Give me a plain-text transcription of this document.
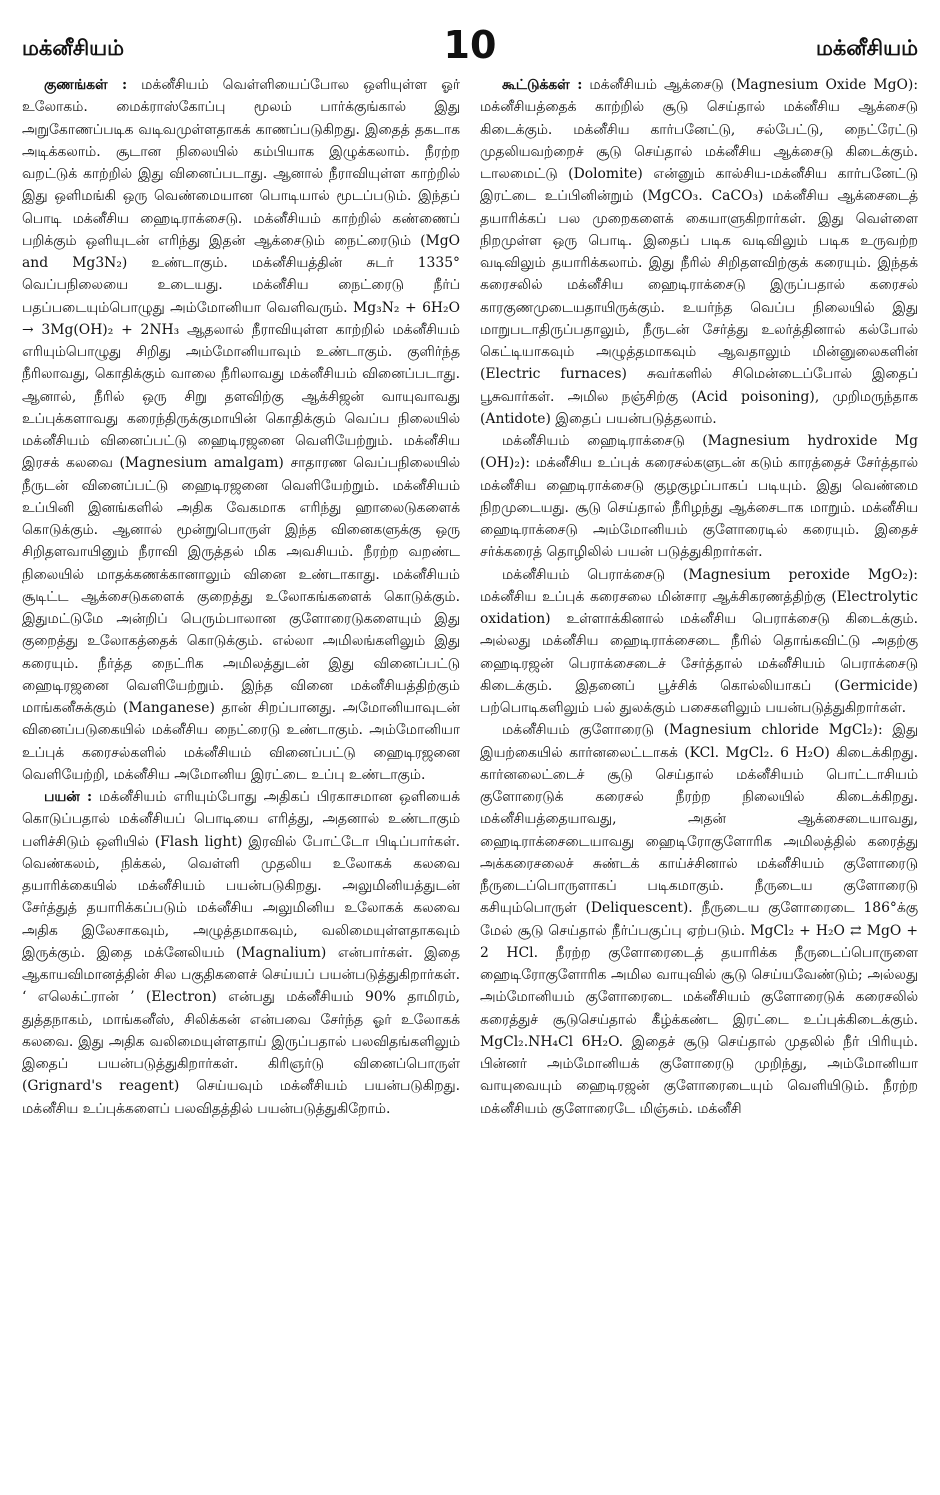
மக்னீசியம்	10	மக்னீசியம்

குணங்கள் : மக்னீசியம் வெள்ளியைப்போல ஒளியுள்ள ஓர் உலோகம். மைக்ராஸ்கோப்பு மூலம் பார்க்குங்கால் இது அறுகோணப்படிக வடிவமுள்ளதாகக் காணப்படுகிறது. இதைத் தகடாக அடிக்கலாம். சூடான நிலையில் கம்பியாக இழுக்கலாம். நீரற்ற வறட்டுக் காற்றில் இது வினைப்படாது. ஆனால் நீராவியுள்ள காற்றில் இது ஒளிமங்கி ஒரு வெண்மையான பொடியால் மூடப்படும். இந்தப் பொடி மக்னீசிய ஹைடிராக்சைடு. மக்னீசியம் காற்றில் கண்ணைப் பறிக்கும் ஒளியுடன் எரிந்து இதன் ஆக்சைடும் நைட்ரைடும் (MgO and Mg3N₂) உண்டாகும். மக்னீசியத்தின் சுடர் 1335° வெப்பநிலையை உடையது. மக்னீசிய நைட்ரைடு நீர்ப் பதப்படையும்பொழுது அம்மோனியா வெளிவரும். Mg₃N₂ + 6H₂O → 3Mg(OH)₂ + 2NH₃ ஆதலால் நீராவியுள்ள காற்றில் மக்னீசியம் எரியும்பொழுது சிறிது அம்மோனியாவும் உண்டாகும். குளிர்ந்த நீரிலாவது, கொதிக்கும் வாலை நீரிலாவது மக்னீசியம் வினைப்படாது. ஆனால், நீரில் ஒரு சிறு தளவிற்கு ஆக்சிஜன் வாயுவாவது உப்புக்களாவது கரைந்திருக்குமாயின் கொதிக்கும் வெப்ப நிலையில் மக்னீசியம் வினைப்பட்டு ஹைடிரஜனை வெளியேற்றும். மக்னீசிய இரசக் கலவை (Magnesium amalgam) சாதாரண வெப்பநிலையில் நீருடன் வினைப்பட்டு ஹைடிரஜனை வெளியேற்றும். மக்னீசியம் உப்பினி இனங்களில் அதிக வேகமாக எரிந்து ஹாலைடுகளைக் கொடுக்கும். ஆனால் மூன்றுபொருள் இந்த வினைகளுக்கு ஒரு சிறிதளவாயினும் நீராவி இருத்தல் மிக அவசியம். நீரற்ற வறண்ட நிலையில் மாதக்கணக்கானாலும் வினை உண்டாகாது. மக்னீசியம் சூடிட்ட ஆக்சைடுகளைக் குறைத்து உலோகங்களைக் கொடுக்கும். இதுமட்டுமே அன்றிப் பெரும்பாலான குளோரைடுகளையும் இது குறைத்து உலோகத்தைக் கொடுக்கும். எல்லா அமிலங்களிலும் இது கரையும். நீர்த்த நைட்ரிக அமிலத்துடன் இது வினைப்பட்டு ஹைடிரஜனை வெளியேற்றும். இந்த வினை மக்னீசியத்திற்கும் மாங்கனீசுக்கும் (Manganese) தான் சிறப்பானது. அமோனியாவுடன் வினைப்படுகையில் மக்னீசிய நைட்ரைடு உண்டாகும். அம்மோனியா உப்புக் கரைசல்களில் மக்னீசியம் வினைப்பட்டு ஹைடிரஜனை வெளியேற்றி, மக்னீசிய அமோனிய இரட்டை உப்பு உண்டாகும்.

பயன் : மக்னீசியம் எரியும்போது அதிகப் பிரகாசமான ஒளியைக் கொடுப்பதால் மக்னீசியப் பொடியை எரித்து, அதனால் உண்டாகும் பளிச்சிடும் ஒளியில் (Flash light) இரவில் போட்டோ பிடிப்பார்கள். வெண்கலம், நிக்கல், வெள்ளி முதலிய உலோகக் கலவை தயாரிக்கையில் மக்னீசியம் பயன்படுகிறது. அலுமினியத்துடன் சேர்த்துத் தயாரிக்கப்படும் மக்னீசிய அலுமினிய உலோகக் கலவை அதிக இலேசாகவும், அழுத்தமாகவும், வலிமையுள்ளதாகவும் இருக்கும். இதை மக்னேலியம் (Magnalium) என்பார்கள். இதை ஆகாயவிமானத்தின் சில பகுதிகளைச் செய்யப் பயன்படுத்துகிறார்கள். ‘ எலெக்ட்ரான் ’ (Electron) என்பது மக்னீசியம் 90% தாமிரம், துத்தநாகம், மாங்கனீஸ், சிலிக்கன் என்பவை சேர்ந்த ஓர் உலோகக் கலவை. இது அதிக வலிமையுள்ளதாய் இருப்பதால் பலவிதங்களிலும் இதைப் பயன்படுத்துகிறார்கள். கிரிஞர்டு வினைப்பொருள் (Grignard's reagent) செய்யவும் மக்னீசியம் பயன்படுகிறது. மக்னீசிய உப்புக்களைப் பலவிதத்தில் பயன்படுத்துகிறோம்.

கூட்டுக்கள் : மக்னீசியம் ஆக்சைடு (Magnesium Oxide MgO): மக்னீசியத்தைக் காற்றில் சூடு செய்தால் மக்னீசிய ஆக்சைடு கிடைக்கும். மக்னீசிய கார்பனேட்டு, சல்பேட்டு, நைட்ரேட்டு முதலியவற்றைச் சூடு செய்தால் மக்னீசிய ஆக்சைடு கிடைக்கும். டாலமைட்டு (Dolomite) என்னும் கால்சிய-மக்னீசிய கார்பனேட்டு இரட்டை உப்பினின்றும் (MgCO₃. CaCO₃) மக்னீசிய ஆக்சைடைத் தயாரிக்கப் பல முறைகளைக் கையாளுகிறார்கள். இது வெள்ளை நிறமுள்ள ஒரு பொடி. இதைப் படிக வடிவிலும் படிக உருவற்ற வடிவிலும் தயாரிக்கலாம். இது நீரில் சிறிதளவிற்குக் கரையும். இந்தக் கரைசலில் மக்னீசிய ஹைடிராக்சைடு இருப்பதால் கரைசல் காரகுணமுடையதாயிருக்கும். உயர்ந்த வெப்ப நிலையில் இது மாறுபடாதிருப்பதாலும், நீருடன் சேர்த்து உலர்த்தினால் கல்போல் கெட்டியாகவும் அழுத்தமாகவும் ஆவதாலும் மின்னுலைகளின் (Electric furnaces) சுவர்களில் சிமென்டைப்போல் இதைப் பூசுவார்கள். அமில நஞ்சிற்கு (Acid poisoning), முறிமருந்தாக (Antidote) இதைப் பயன்படுத்தலாம்.

மக்னீசியம் ஹைடிராக்சைடு (Magnesium hydroxide Mg (OH)₂): மக்னீசிய உப்புக் கரைசல்களுடன் கடும் காரத்தைச் சேர்த்தால் மக்னீசிய ஹைடிராக்சைடு குழகுழப்பாகப் படியும். இது வெண்மை நிறமுடையது. சூடு செய்தால் நீரிழந்து ஆக்சைடாக மாறும். மக்னீசிய ஹைடிராக்சைடு அம்மோனியம் குளோரைடில் கரையும். இதைச் சர்க்கரைத் தொழிலில் பயன் படுத்துகிறார்கள்.

மக்னீசியம் பெராக்சைடு (Magnesium peroxide MgO₂): மக்னீசிய உப்புக் கரைசலை மின்சார ஆக்சிகரணத்திற்கு (Electrolytic oxidation) உள்ளாக்கினால் மக்னீசிய பெராக்சைடு கிடைக்கும். அல்லது மக்னீசிய ஹைடிராக்சைடை நீரில் தொங்கவிட்டு அதற்கு ஹைடிரஜன் பெராக்சைடைச் சேர்த்தால் மக்னீசியம் பெராக்சைடு கிடைக்கும். இதனைப் பூச்சிக் கொல்லியாகப் (Germicide) பற்பொடிகளிலும் பல் துலக்கும் பசைகளிலும் பயன்படுத்துகிறார்கள்.

மக்னீசியம் குளோரைடு (Magnesium chloride MgCl₂): இது இயற்கையில் கார்னலைட்டாகக் (KCl. MgCl₂. 6 H₂O) கிடைக்கிறது. கார்னலைட்டைச் சூடு செய்தால் மக்னீசியம் பொட்டாசியம் குளோரைடுக் கரைசல் நீரற்ற நிலையில் கிடைக்கிறது. மக்னீசியத்தையாவது, அதன் ஆக்சைடையாவது, ஹைடிராக்சைடையாவது ஹைடிரோகுளோரிக அமிலத்தில் கரைத்து அக்கரைசலைச் சுண்டக் காய்ச்சினால் மக்னீசியம் குளோரைடு நீருடைப்பொருளாகப் படிகமாகும். நீருடைய குளோரைடு கசியும்பொருள் (Deliquescent). நீருடைய குளோரைடை 186°க்கு மேல் சூடு செய்தால் நீர்ப்பகுப்பு ஏற்படும். MgCl₂ + H₂O ⇄ MgO + 2 HCl. நீரற்ற குளோரைடைத் தயாரிக்க நீருடைப்பொருளை ஹைடிரோகுளோரிக அமில வாயுவில் சூடு செய்யவேண்டும்; அல்லது அம்மோனியம் குளோரைடை மக்னீசியம் குளோரைடுக் கரைசலில் கரைத்துச் சூடுசெய்தால் கீழ்க்கண்ட இரட்டை உப்புக்கிடைக்கும். MgCl₂.NH₄Cl 6H₂O. இதைச் சூடு செய்தால் முதலில் நீர் பிரியும். பின்னர் அம்மோனியக் குளோரைடு முறிந்து, அம்மோனியா வாயுவையும் ஹைடிரஜன் குளோரைடையும் வெளியிடும். நீரற்ற மக்னீசியம் குளோரைடே மிஞ்சும். மக்னீசி
